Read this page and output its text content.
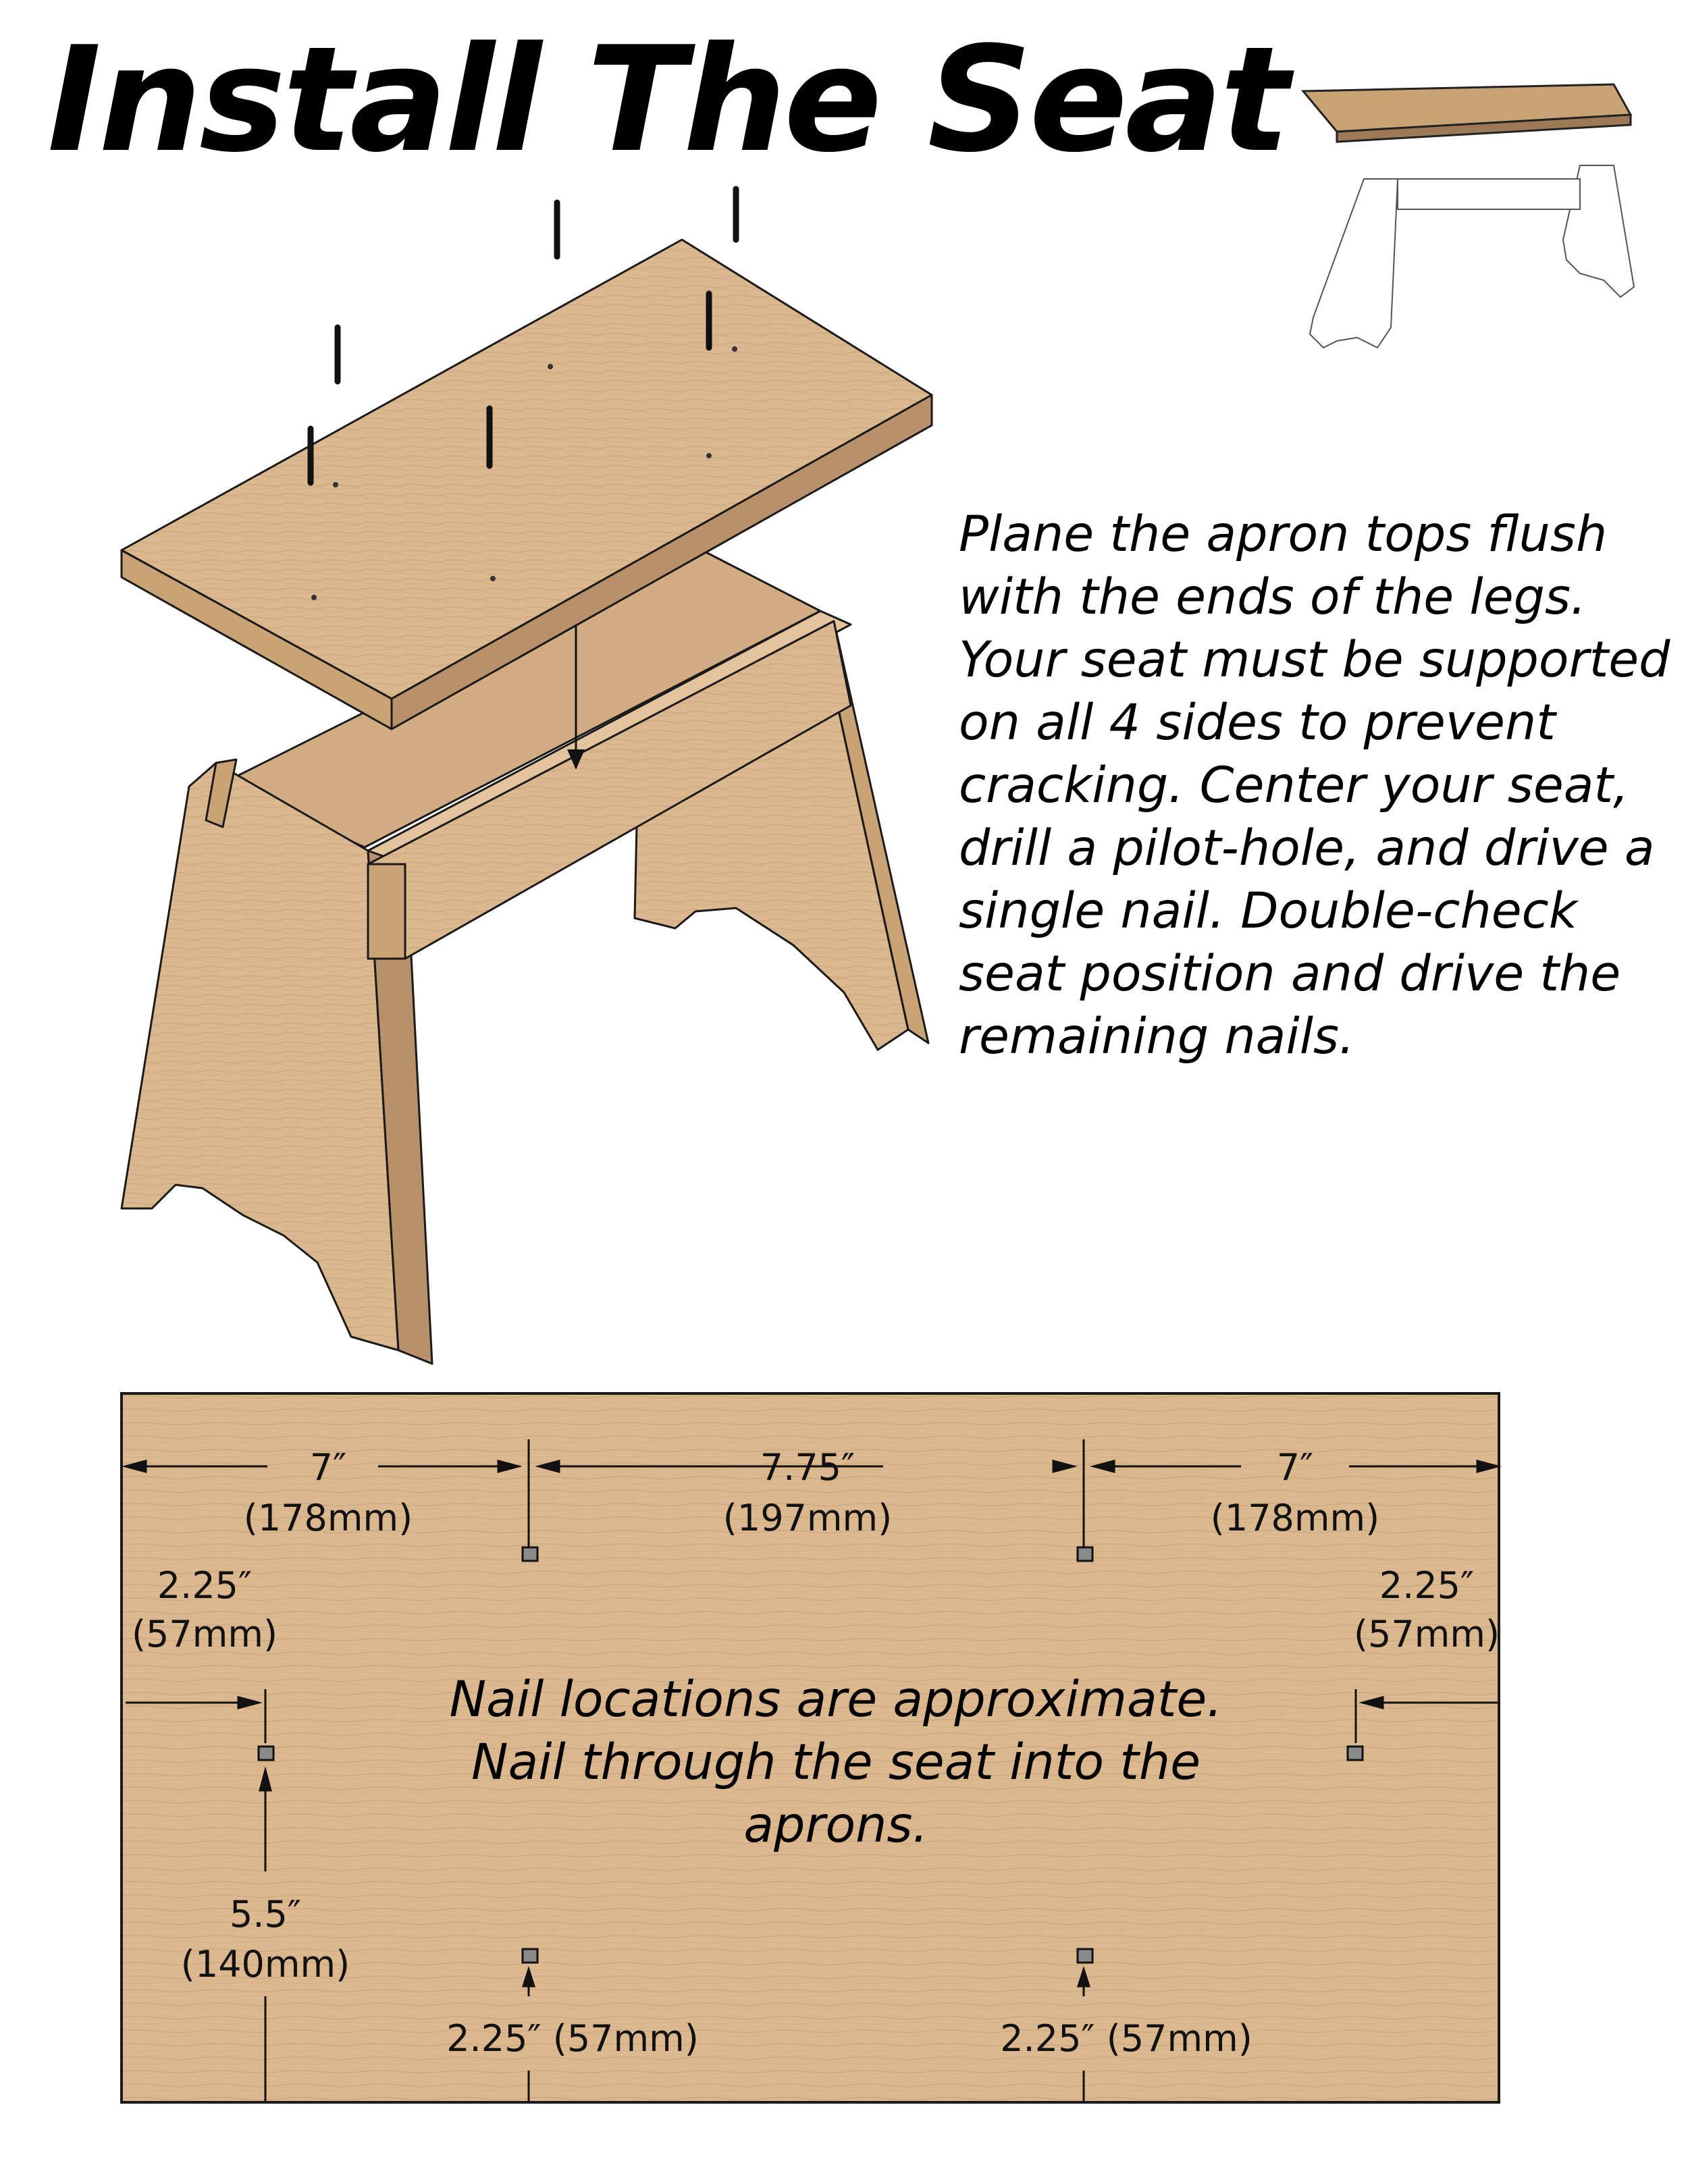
Install The Seat

Plane the apron tops flush with the ends of the legs. Your seat must be supported on all 4 sides to prevent cracking. Center your seat, drill a pilot-hole, and drive a single nail. Double-check seat position and drive the remaining nails.

7″
(178mm)
7.75″
(197mm)
7″
(178mm)
2.25″
(57mm)
2.25″
(57mm)
5.5″
(140mm)
2.25″ (57mm)	2.25″ (57mm)
Nail locations are approximate.
Nail through the seat into the
aprons.
